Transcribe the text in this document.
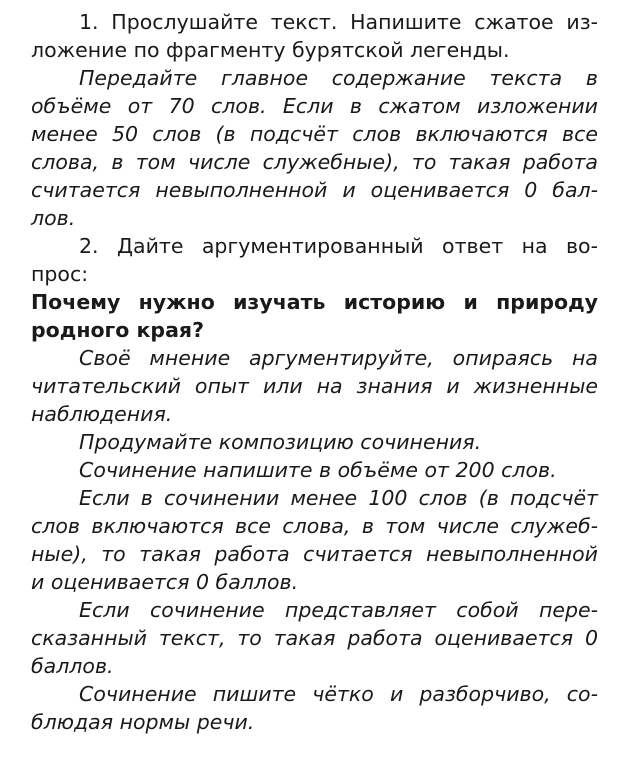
1. Прослушайте текст. Напишите сжатое из-
ложение по фрагменту бурятской легенды.
Передайте главное содержание текста в
объёме от 70 слов. Если в сжатом изложении
менее 50 слов (в подсчёт слов включаются все
слова, в том числе служебные), то такая работа
считается невыполненной и оценивается 0 бал-
лов.
2. Дайте аргументированный ответ на во-
прос:
Почему нужно изучать историю и природу
родного края?
Своё мнение аргументируйте, опираясь на
читательский опыт или на знания и жизненные
наблюдения.
Продумайте композицию сочинения.
Сочинение напишите в объёме от 200 слов.
Если в сочинении менее 100 слов (в подсчёт
слов включаются все слова, в том числе служеб-
ные), то такая работа считается невыполненной
и оценивается 0 баллов.
Если сочинение представляет собой пере-
сказанный текст, то такая работа оценивается 0
баллов.
Сочинение пишите чётко и разборчиво, со-
блюдая нормы речи.
